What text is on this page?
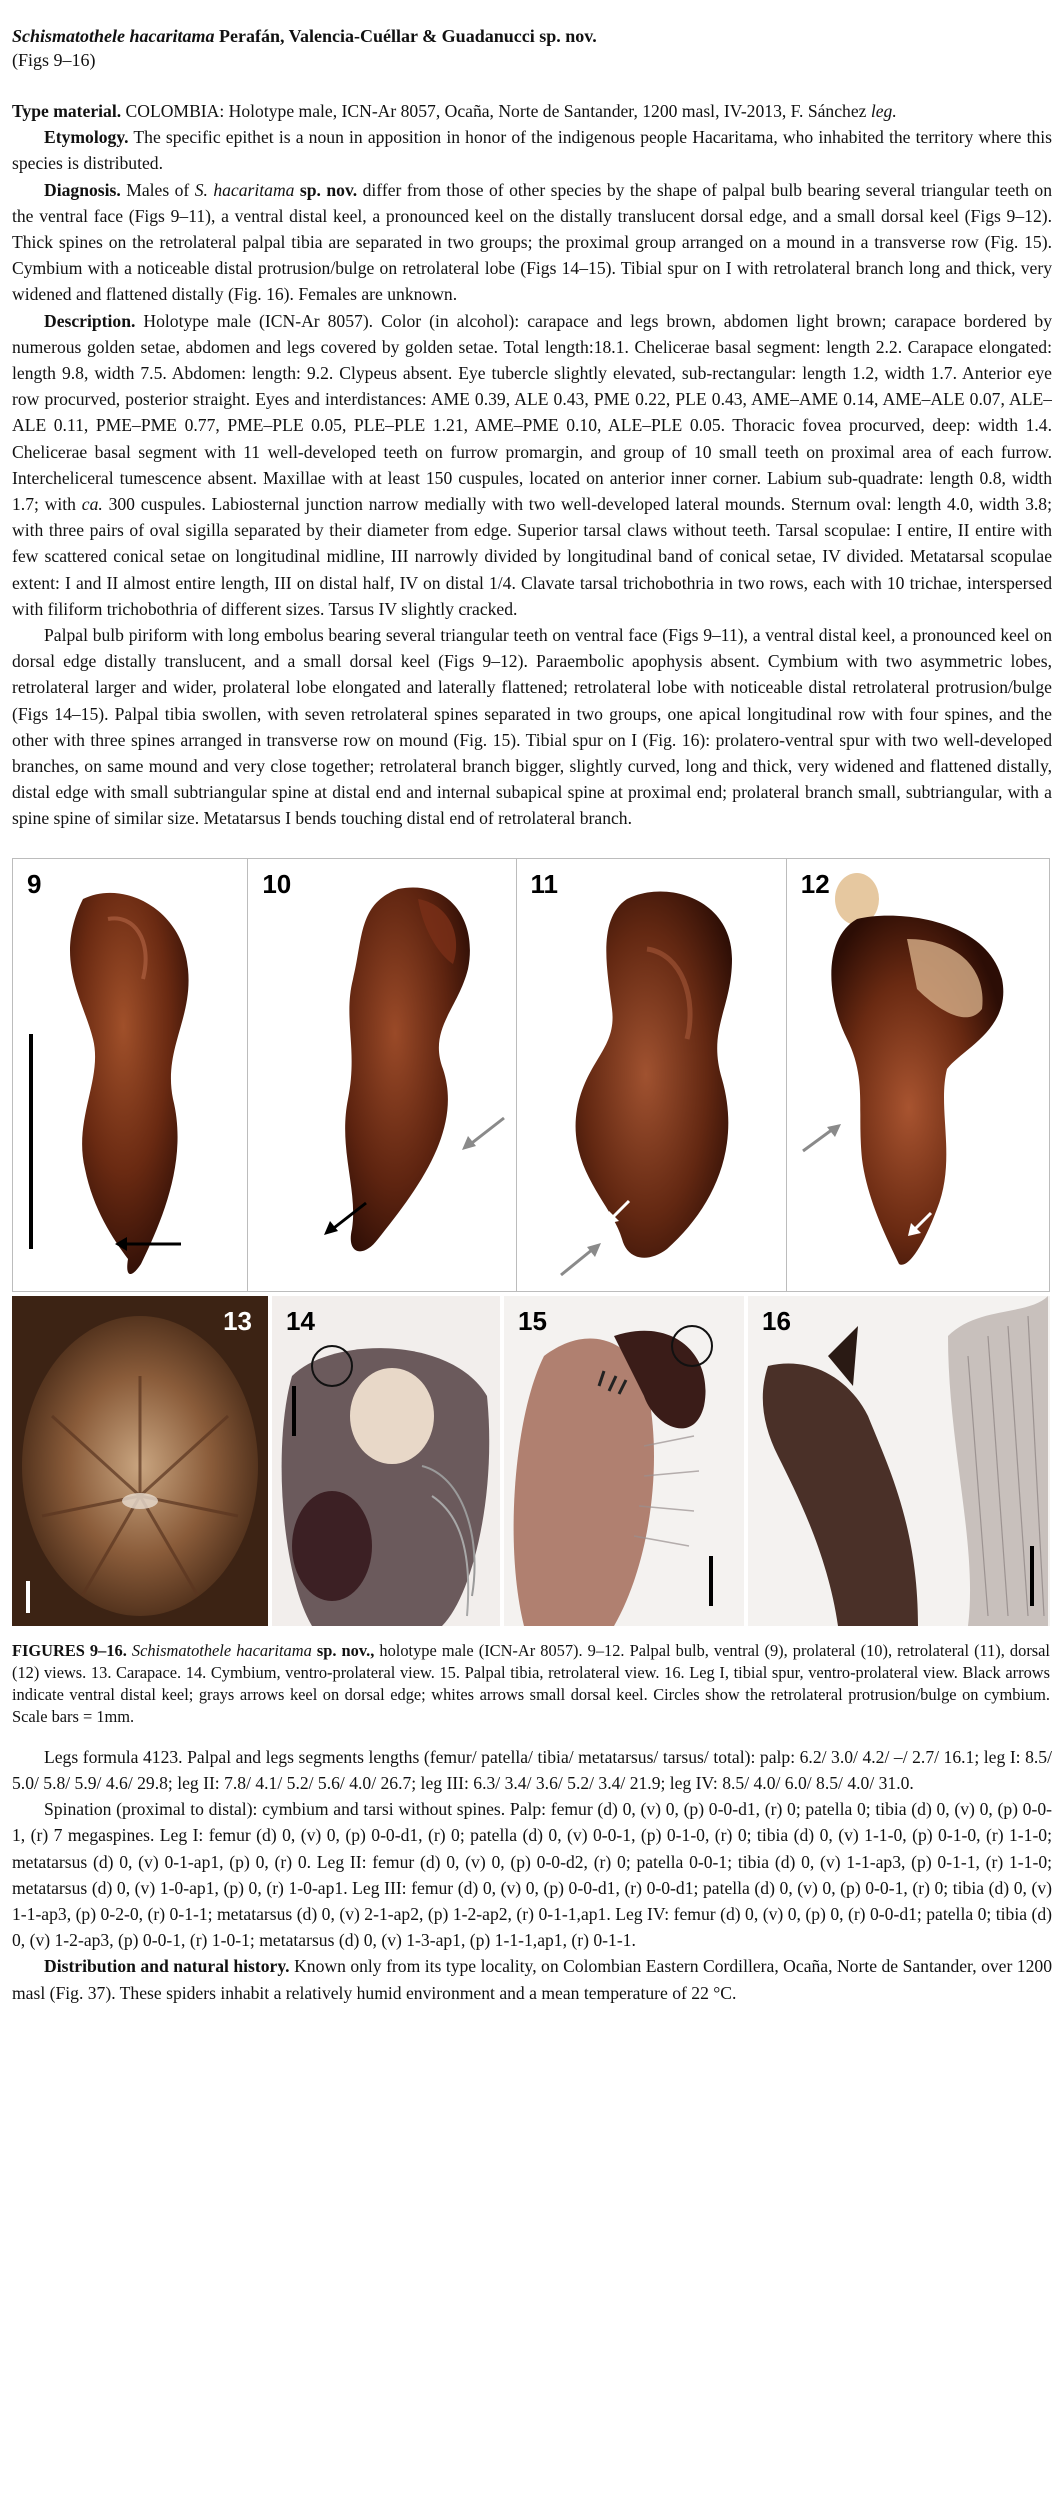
Schismatothele hacaritama Perafán, Valencia-Cuéllar & Guadanucci sp. nov.
(Figs 9–16)

Type material. COLOMBIA: Holotype male, ICN-Ar 8057, Ocaña, Norte de Santander, 1200 masl, IV-2013, F. Sánchez leg.

Etymology. The specific epithet is a noun in apposition in honor of the indigenous people Hacaritama, who inhabited the territory where this species is distributed.

Diagnosis. Males of S. hacaritama sp. nov. differ from those of other species by the shape of palpal bulb bearing several triangular teeth on the ventral face (Figs 9–11), a ventral distal keel, a pronounced keel on the distally translucent dorsal edge, and a small dorsal keel (Figs 9–12). Thick spines on the retrolateral palpal tibia are separated in two groups; the proximal group arranged on a mound in a transverse row (Fig. 15). Cymbium with a noticeable distal protrusion/bulge on retrolateral lobe (Figs 14–15). Tibial spur on I with retrolateral branch long and thick, very widened and flattened distally (Fig. 16). Females are unknown.

Description. Holotype male (ICN-Ar 8057). Color (in alcohol): carapace and legs brown, abdomen light brown; carapace bordered by numerous golden setae, abdomen and legs covered by golden setae. Total length:18.1. Chelicerae basal segment: length 2.2. Carapace elongated: length 9.8, width 7.5. Abdomen: length: 9.2. Clypeus absent. Eye tubercle slightly elevated, sub-rectangular: length 1.2, width 1.7. Anterior eye row procurved, posterior straight. Eyes and interdistances: AME 0.39, ALE 0.43, PME 0.22, PLE 0.43, AME–AME 0.14, AME–ALE 0.07, ALE–ALE 0.11, PME–PME 0.77, PME–PLE 0.05, PLE–PLE 1.21, AME–PME 0.10, ALE–PLE 0.05. Thoracic fovea procurved, deep: width 1.4. Chelicerae basal segment with 11 well-developed teeth on furrow promargin, and group of 10 small teeth on proximal area of each furrow. Intercheliceral tumescence absent. Maxillae with at least 150 cuspules, located on anterior inner corner. Labium sub-quadrate: length 0.8, width 1.7; with ca. 300 cuspules. Labiosternal junction narrow medially with two well-developed lateral mounds. Sternum oval: length 4.0, width 3.8; with three pairs of oval sigilla separated by their diameter from edge. Superior tarsal claws without teeth. Tarsal scopulae: I entire, II entire with few scattered conical setae on longitudinal midline, III narrowly divided by longitudinal band of conical setae, IV divided. Metatarsal scopulae extent: I and II almost entire length, III on distal half, IV on distal 1/4. Clavate tarsal trichobothria in two rows, each with 10 trichae, interspersed with filiform trichobothria of different sizes. Tarsus IV slightly cracked.

Palpal bulb piriform with long embolus bearing several triangular teeth on ventral face (Figs 9–11), a ventral distal keel, a pronounced keel on dorsal edge distally translucent, and a small dorsal keel (Figs 9–12). Paraembolic apophysis absent. Cymbium with two asymmetric lobes, retrolateral larger and wider, prolateral lobe elongated and laterally flattened; retrolateral lobe with noticeable distal retrolateral protrusion/bulge (Figs 14–15). Palpal tibia swollen, with seven retrolateral spines separated in two groups, one apical longitudinal row with four spines, and the other with three spines arranged in transverse row on mound (Fig. 15). Tibial spur on I (Fig. 16): prolatero-ventral spur with two well-developed branches, on same mound and very close together; retrolateral branch bigger, slightly curved, long and thick, very widened and flattened distally, distal edge with small subtriangular spine at distal end and internal subapical spine at proximal end; prolateral branch small, subtriangular, with a spine spine of similar size. Metatarsus I bends touching distal end of retrolateral branch.

9	10	11	12
13 14	15	16
FIGURES 9–16. Schismatothele hacaritama sp. nov., holotype male (ICN-Ar 8057). 9–12. Palpal bulb, ventral (9), prolateral (10), retrolateral (11), dorsal (12) views. 13. Carapace. 14. Cymbium, ventro-prolateral view. 15. Palpal tibia, retrolateral view. 16. Leg I, tibial spur, ventro-prolateral view. Black arrows indicate ventral distal keel; grays arrows keel on dorsal edge; whites arrows small dorsal keel. Circles show the retrolateral protrusion/bulge on cymbium. Scale bars = 1mm.

Legs formula 4123. Palpal and legs segments lengths (femur/ patella/ tibia/ metatarsus/ tarsus/ total): palp: 6.2/ 3.0/ 4.2/ –/ 2.7/ 16.1; leg I: 8.5/ 5.0/ 5.8/ 5.9/ 4.6/ 29.8; leg II: 7.8/ 4.1/ 5.2/ 5.6/ 4.0/ 26.7; leg III: 6.3/ 3.4/ 3.6/ 5.2/ 3.4/ 21.9; leg IV: 8.5/ 4.0/ 6.0/ 8.5/ 4.0/ 31.0.

Spination (proximal to distal): cymbium and tarsi without spines. Palp: femur (d) 0, (v) 0, (p) 0-0-d1, (r) 0; patella 0; tibia (d) 0, (v) 0, (p) 0-0-1, (r) 7 megaspines. Leg I: femur (d) 0, (v) 0, (p) 0-0-d1, (r) 0; patella (d) 0, (v) 0-0-1, (p) 0-1-0, (r) 0; tibia (d) 0, (v) 1-1-0, (p) 0-1-0, (r) 1-1-0; metatarsus (d) 0, (v) 0-1-ap1, (p) 0, (r) 0. Leg II: femur (d) 0, (v) 0, (p) 0-0-d2, (r) 0; patella 0-0-1; tibia (d) 0, (v) 1-1-ap3, (p) 0-1-1, (r) 1-1-0; metatarsus (d) 0, (v) 1-0-ap1, (p) 0, (r) 1-0-ap1. Leg III: femur (d) 0, (v) 0, (p) 0-0-d1, (r) 0-0-d1; patella (d) 0, (v) 0, (p) 0-0-1, (r) 0; tibia (d) 0, (v) 1-1-ap3, (p) 0-2-0, (r) 0-1-1; metatarsus (d) 0, (v) 2-1-ap2, (p) 1-2-ap2, (r) 0-1-1,ap1. Leg IV: femur (d) 0, (v) 0, (p) 0, (r) 0-0-d1; patella 0; tibia (d) 0, (v) 1-2-ap3, (p) 0-0-1, (r) 1-0-1; metatarsus (d) 0, (v) 1-3-ap1, (p) 1-1-1,ap1, (r) 0-1-1.

Distribution and natural history. Known only from its type locality, on Colombian Eastern Cordillera, Ocaña, Norte de Santander, over 1200 masl (Fig. 37). These spiders inhabit a relatively humid environment and a mean temperature of 22 °C.
